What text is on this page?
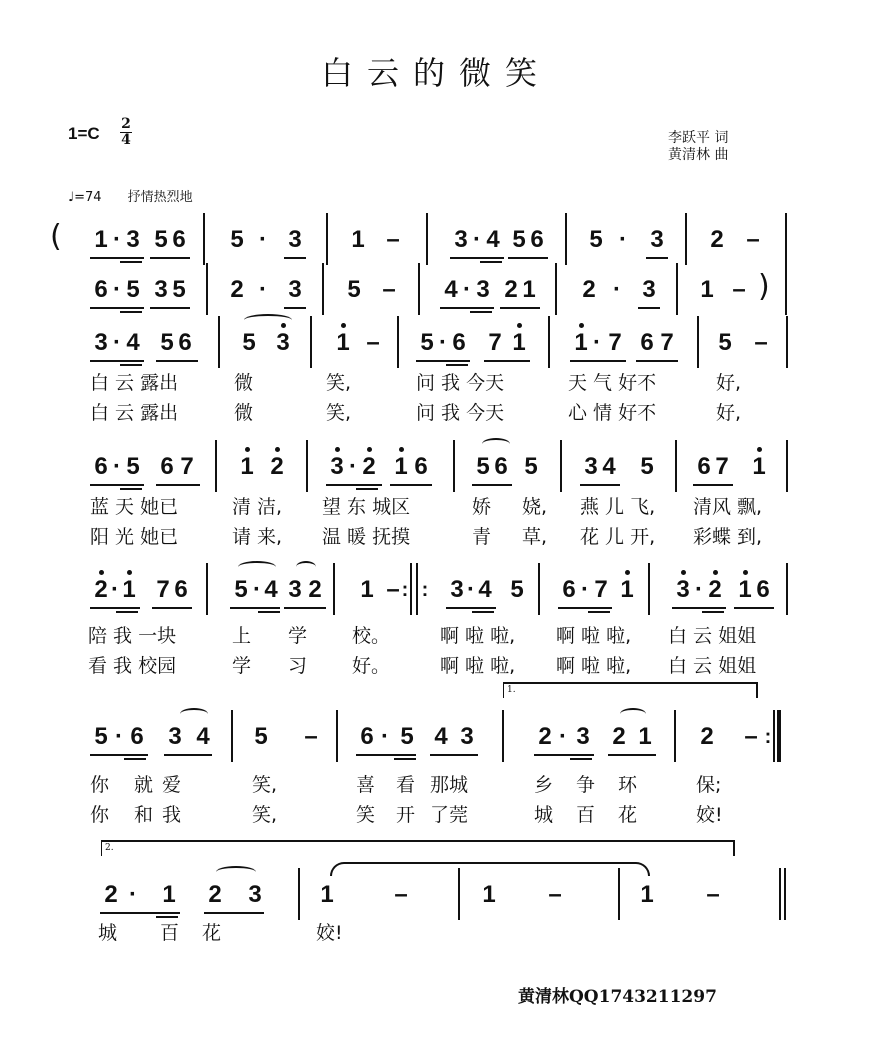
白云的微笑
1=C 2
4	李跃平 词
黄清林 曲
♩=74 抒情热烈地
( 1 · 3 5 6 5 · 3 1 – 3 · 4 5 6 5 · 3 2 –
)
6 · 5 3 5 2 · 3 5 – 4 · 3 2 1 2 · 3 1 –
3 · 4 5 6 5 3 1 – 5 · 6 7 1 1 · 7 6 7 5 –
白 云 露出	微	笑,	问 我 今天	天 气 好不	好,
白 云 露出	微	笑,	问 我 今天	心 情 好不	好,
6 · 5 6 7 1 2 3 · 2 1 6 5 6 5 3 4 5 6 7 1
蓝 天 她已	清 洁, 望 东 城区	娇 娆, 燕 儿 飞, 清风 飘,
阳 光 她已	请 来, 温 暖 抚摸	青 草, 花 儿 开, 彩蝶 到,
2 · 1 7 6 5 · 4 3 2 1 – 3 · 4 5 6 · 7 1 3 · 2 1 6
: :
陪 我 一块	上 学 校。	啊 啦 啦, 啊 啦 啦, 白 云 姐姐
看 我 校园	学 习 好。	啊 啦 啦, 啊 啦 啦, 白 云 姐姐
5 · 6 3 4 5 – 6 · 5 4 3	2 · 3 2 1 2 – :
1.
你 就 爱	笑,	喜 看 那城	乡 争 环	保;
你 和 我	笑,	笑 开 了莞	城 百 花	姣!
2 · 1 2 3 1	–	1 –	1 –
2.
城 百 花	姣!
黄清林QQ1743211297
